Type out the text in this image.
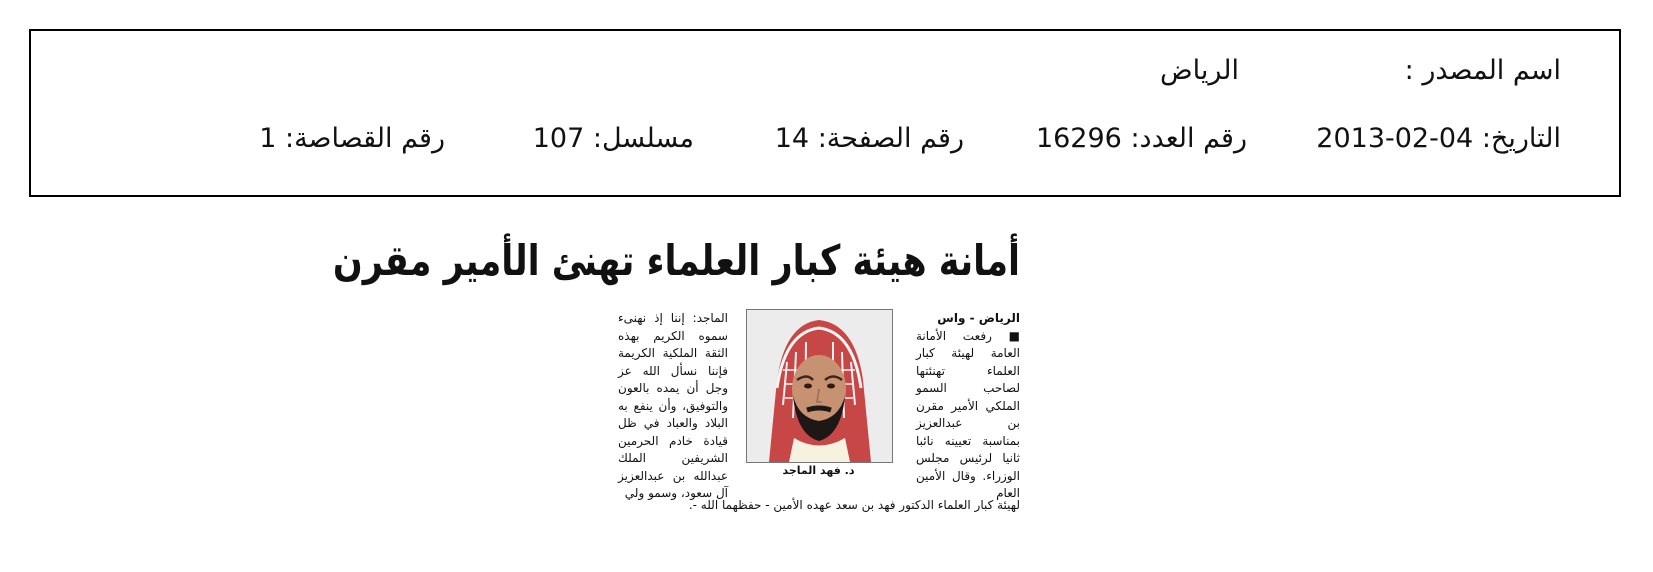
اسم المصدر :
الرياض
التاريخ: 2013-02-04
رقم العدد: 16296
رقم الصفحة: 14
مسلسل: 107
رقم القصاصة: 1
أمانة هيئة كبار العلماء تهنئ الأمير مقرن
الرياض - واس
■ رفعت الأمانة العامة لهيئة كبار العلماء تهنئتها لصاحب السمو الملكي الأمير مقرن بن عبدالعزيز بمناسبة تعيينه نائبا ثانيا لرئيس مجلس الوزراء. وقال الأمين العام
د. فهد الماجد
الماجد: إننا إذ نهنىء سموه الكريم بهذه الثقة الملكية الكريمة فإننا نسأل الله عز وجل أن يمده بالعون والتوفيق، وأن ينفع به البلاد والعباد في ظل قيادة خادم الحرمين الشريفين الملك عبدالله بن عبدالعزيز آل سعود، وسمو ولي
لهيئة كبار العلماء الدكتور فهد بن سعد عهده الأمين - حفظهما الله -.
